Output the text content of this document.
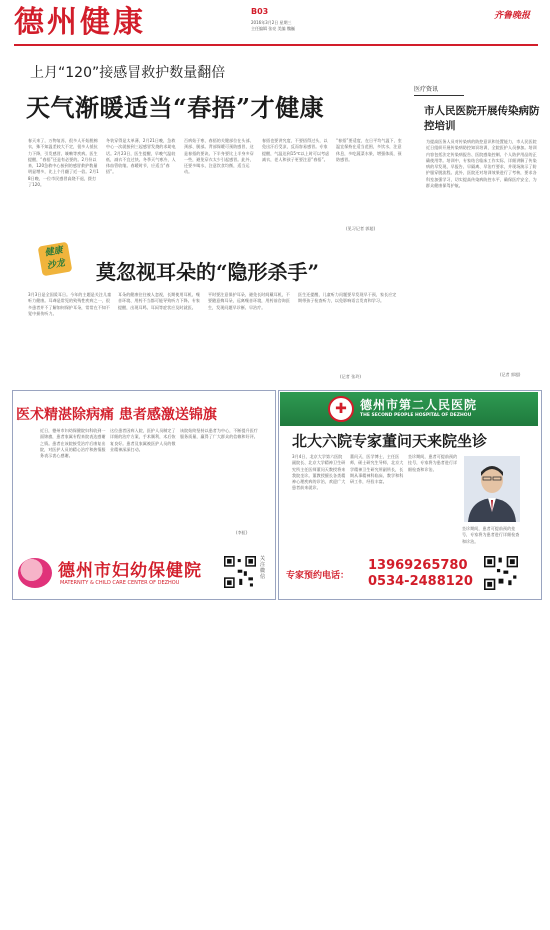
德州健康	B03
2016年3月2日 星期三
主任编辑 张亮 美编 魏巍
齐鲁晚报
上月“120”接感冒救护数量翻倍
天气渐暖适当“春捂”才健康
春天来了，万物复苏，很多人开始脱棉衣，殊不知温差较大不定，很多人抵抗力下降，引发感冒、咳嗽等疾病。医生提醒，“春捂”还是有必要的。2月份以来，120急救中心接到的感冒救护数量明显增多，比上个月翻了近一倍。2月18日晚，一位市民感冒高烧不退，拨打了120。
冬装穿得是太单薄，2月21日晚，急救中心一次就接到三起感冒发烧的求助电话。2月23日，医生提醒，早晚气温较低，减衣不宜过快。冬季天气寒冷，人体血管收缩。春暖时节，应适当“春捂”。
百病始于寒，春捂的关键部位在头部、颈部、腿部。背部保暖可预防感冒，这是春捂的要诀。下半身要比上半身多穿一些，避免穿衣太少引起感冒。此外，还要多喝水，注意饮食均衡，适当运动。
春捂也要讲究度，不要捂得过头，以免出汗后受凉，反而容易感冒。专家提醒，气温达到15℃以上时可以考虑减衣，老人和孩子更要注意“春捂”。
“春捂”要适度，在日平均气温下，室温宜保持在适当范围，多饮水，注意休息，多吃蔬菜水果，增强体质，预防感冒。
(见习记者 郭超)
医疗资讯
市人民医院开展传染病防控培训
为提高医务人员对传染病的防控意识和处置能力，市人民医院近日组织开展传染病防控知识培训，全院医护人员参加。培训内容包括法定传染病报告、医院感染控制、个人防护用品的正确使用等。培训中，专家结合临床工作实际，详细讲解了传染病的早发现、早报告、早隔离、早治疗要求，并现场演示了防护服穿脱流程。此外，医院还对培训效果进行了考核，要求各科室加强学习，切实提高传染病防控水平，确保医疗安全，为群众健康保驾护航。
(记者 郭超)
健康
沙龙	莫忽视耳朵的“隐形杀手”
3月3日是全国爱耳日。今年的主题是关注儿童听力健康。耳聋是常见的致残性疾病之一，很多患者并不了解如何保护耳朵，常常在不知不觉中损伤听力。
耳朵的健康往往被人忽视，长期使用耳机、噪音环境、用药不当都可能导致听力下降。专家提醒，出现耳鸣、耳闷等症状应及时就医。
平时要注意保护耳朵，避免长时间戴耳机，不要随意掏耳朵，远离噪音环境，用药前咨询医生，发现问题早诊断、早治疗。
医生还提醒，儿童听力问题要早发现早干预，家长应定期带孩子检查听力，以免影响语言发育和学习。
(记者 张玲)
医术精湛除病痛 患者感激送锦旗
近日，德州市妇幼保健院妇科收到一面锦旗，患者家属专程来院表达感谢之情。患者在该院接受治疗后康复出院，对医护人员的精心治疗和热情服务表示衷心感谢。
这位患者因病入院，医护人员制定了详细的治疗方案，手术顺利，术后恢复良好。患者及家属被医护人员的敬业精神深深打动。
该院始终坚持以患者为中心，不断提升医疗服务质量，赢得了广大群众的信赖和好评。
(李虹)
德州市妇幼保健院
MATERNITY & CHILD CARE CENTER OF DEZHOU
关注微信
✚	德州市第二人民医院
THE SECOND PEOPLE HOSPITAL OF DEZHOU
北大六院专家董问天来院坐诊
3月4日，北京大学第六医院副院长、北京大学精神卫生研究所主任医师董问天教授将来我院坐诊。董教授擅长各类精神心理疾病的诊治，欢迎广大患者前来就诊。
董问天，医学博士，主任医师，硕士研究生导师，北京大学精神卫生研究所副所长，长期从事精神科临床、教学和科研工作，经验丰富。
坐诊期间，患者可提前预约挂号，专家将为患者进行详细检查和诊治。
坐诊期间，患者可提前预约挂号，专家将为患者进行详细检查和诊治。
专家预约电话：
13969265780
0534-2488120
